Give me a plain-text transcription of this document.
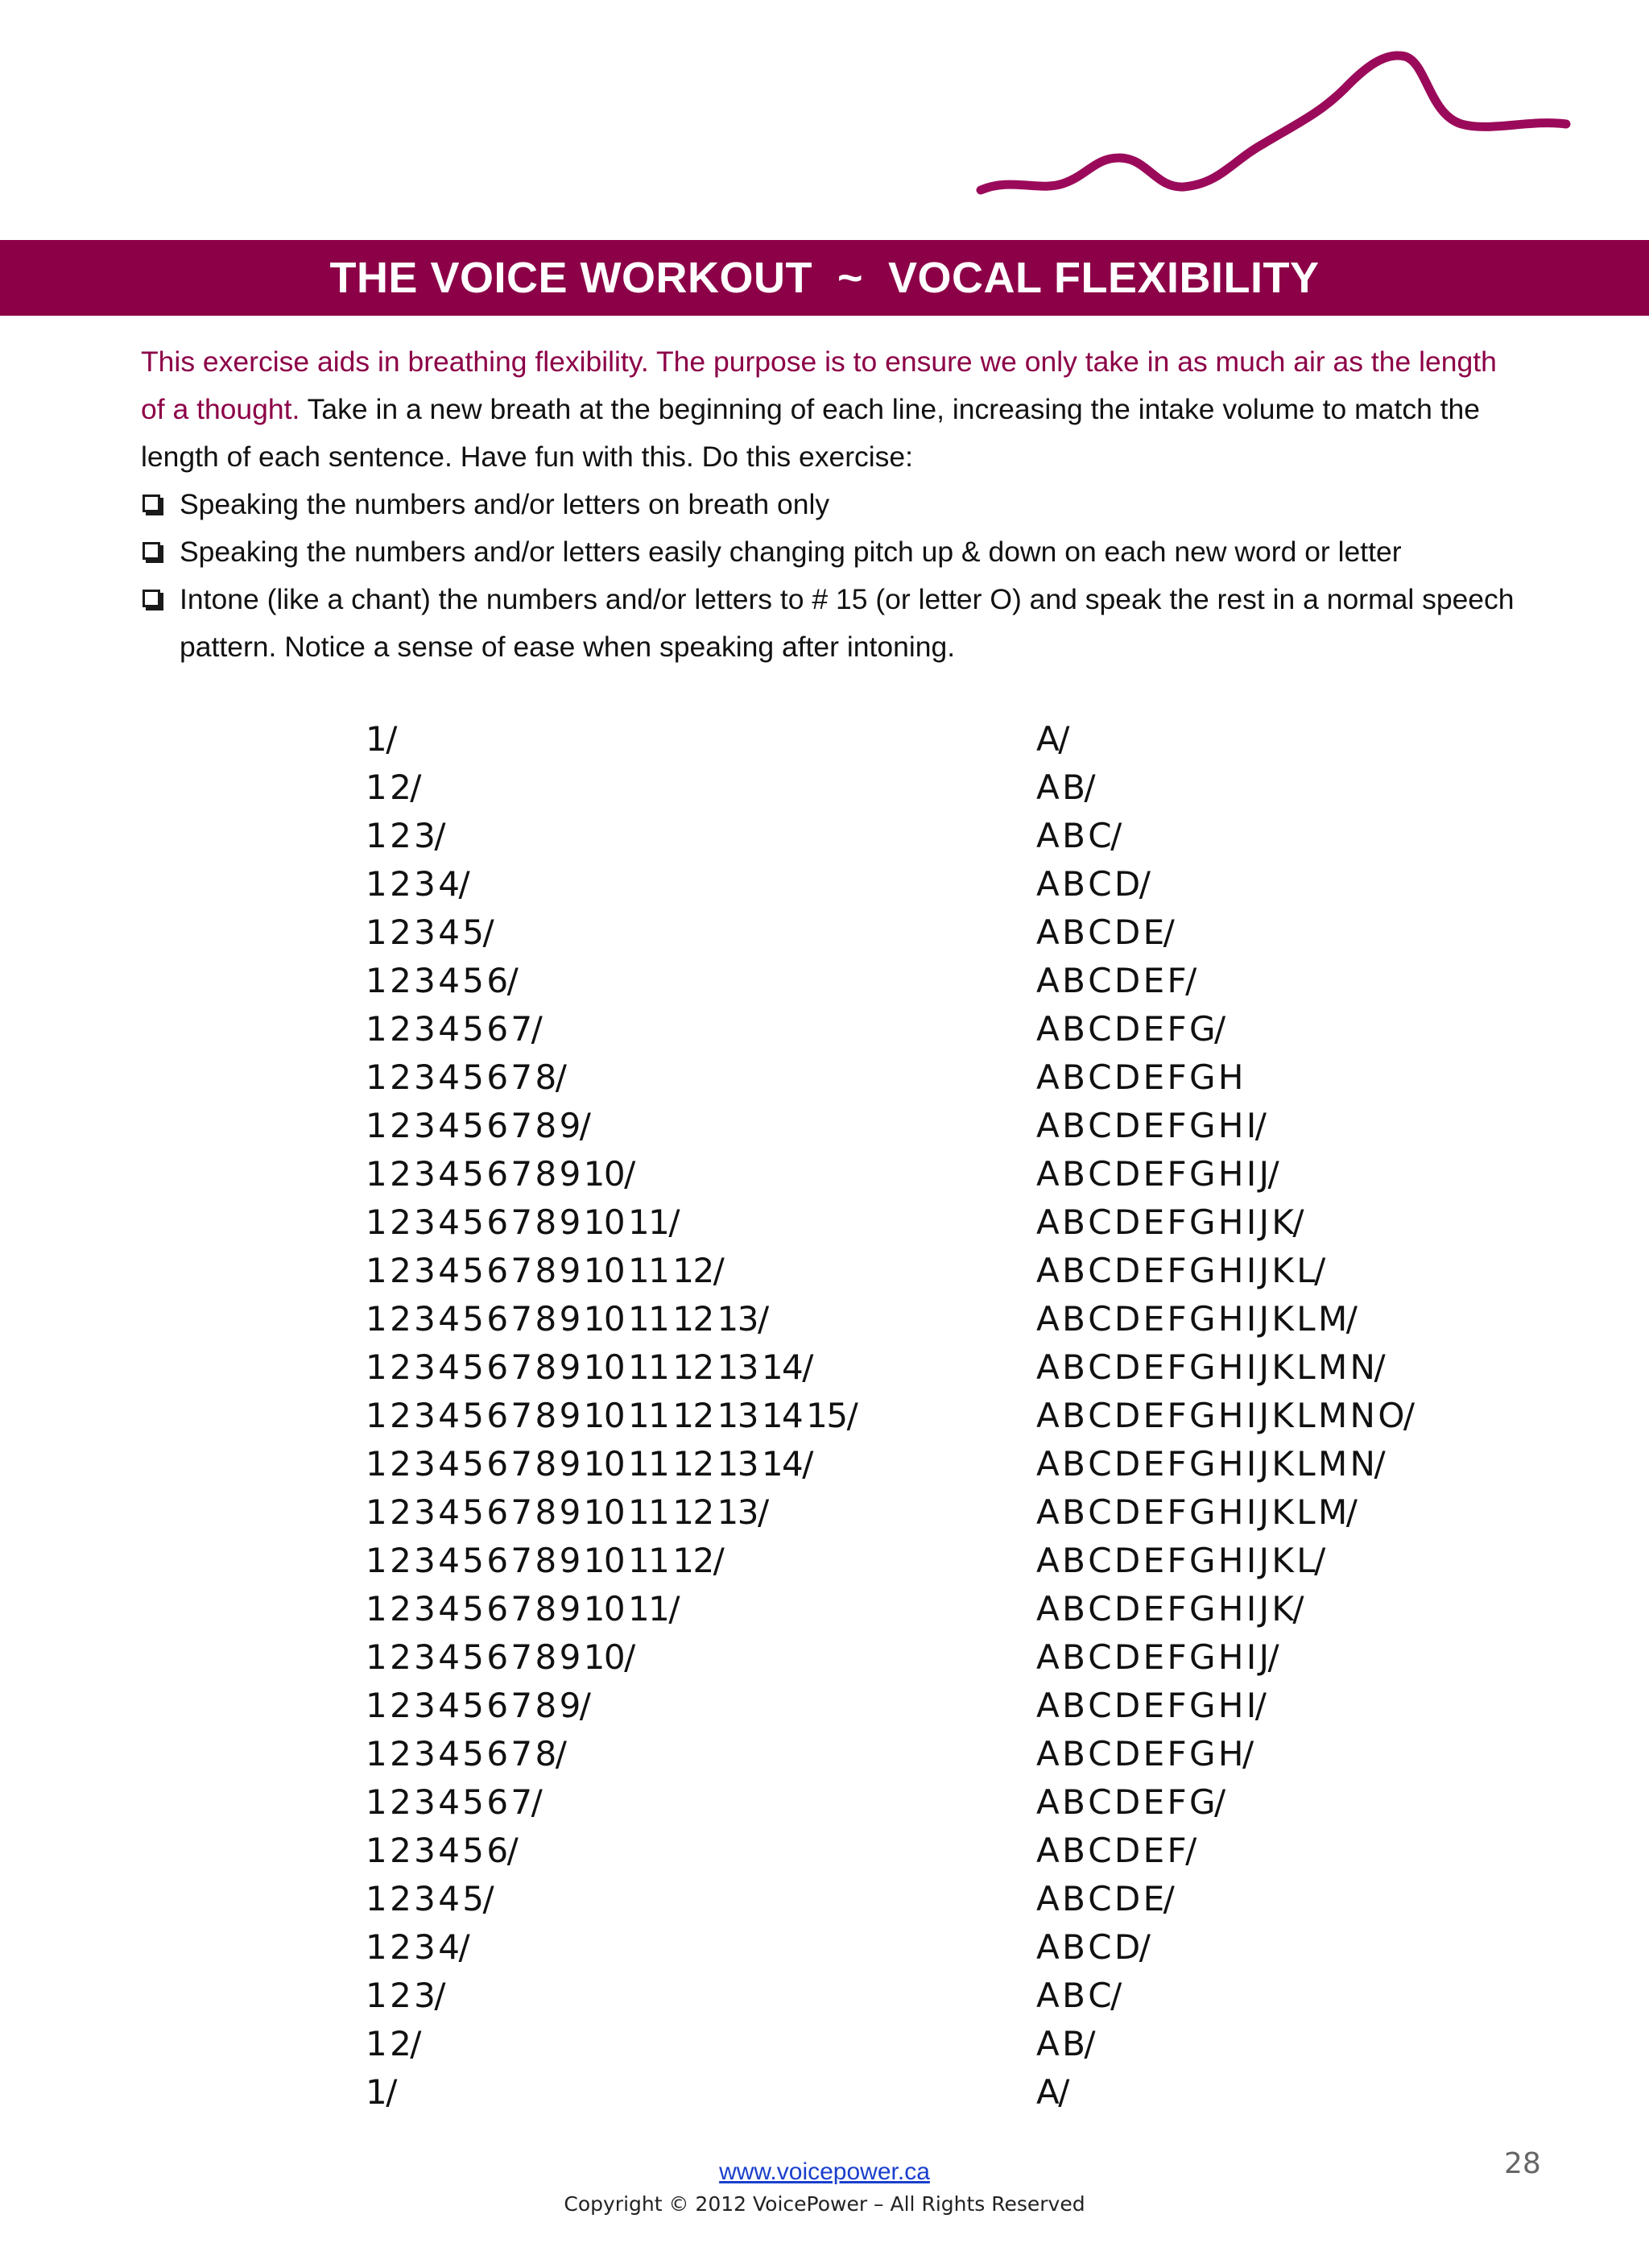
THE VOICE WORKOUT  ~  VOCAL FLEXIBILITY

This exercise aids in breathing flexibility. The purpose is to ensure we only take in as much air as the length of a thought. Take in a new breath at the beginning of each line, increasing the intake volume to match the length of each sentence. Have fun with this. Do this exercise:

Speaking the numbers and/or letters on breath only
Speaking the numbers and/or letters easily changing pitch up & down on each new word or letter
Intone (like a chant) the numbers and/or letters to # 15 (or letter O) and speak the rest in a normal speech pattern. Notice a sense of ease when speaking after intoning.
1/
1 2/
1 2 3/
1 2 3 4/
1 2 3 4 5/
1 2 3 4 5 6/
1 2 3 4 5 6 7/
1 2 3 4 5 6 7 8/
1 2 3 4 5 6 7 8 9/
1 2 3 4 5 6 7 8 9 10/
1 2 3 4 5 6 7 8 9 10 11/
1 2 3 4 5 6 7 8 9 10 11 12/
1 2 3 4 5 6 7 8 9 10 11 12 13/
1 2 3 4 5 6 7 8 9 10 11 12 13 14/
1 2 3 4 5 6 7 8 9 10 11 12 13 14 15/
1 2 3 4 5 6 7 8 9 10 11 12 13 14/
1 2 3 4 5 6 7 8 9 10 11 12 13/
1 2 3 4 5 6 7 8 9 10 11 12/
1 2 3 4 5 6 7 8 9 10 11/
1 2 3 4 5 6 7 8 9 10/
1 2 3 4 5 6 7 8 9/
1 2 3 4 5 6 7 8/
1 2 3 4 5 6 7/
1 2 3 4 5 6/
1 2 3 4 5/
1 2 3 4/
1 2 3/
1 2/
1/
A/
A B/
A B C/
A B C D/
A B C D E/
A B C D E F/
A B C D E F G/
A B C D E F G H
A B C D E F G H I/
A B C D E F G H I J/
A B C D E F G H I J K/
A B C D E F G H I J K L/
A B C D E F G H I J K L M/
A B C D E F G H I J K L M N/
A B C D E F G H I J K L M N O/
A B C D E F G H I J K L M N/
A B C D E F G H I J K L M/
A B C D E F G H I J K L/
A B C D E F G H I J K/
A B C D E F G H I J/
A B C D E F G H I/
A B C D E F G H/
A B C D E F G/
A B C D E F/
A B C D E/
A B C D/
A B C/
A B/
A/
www.voicepower.ca
Copyright © 2012 VoicePower – All Rights Reserved
28
